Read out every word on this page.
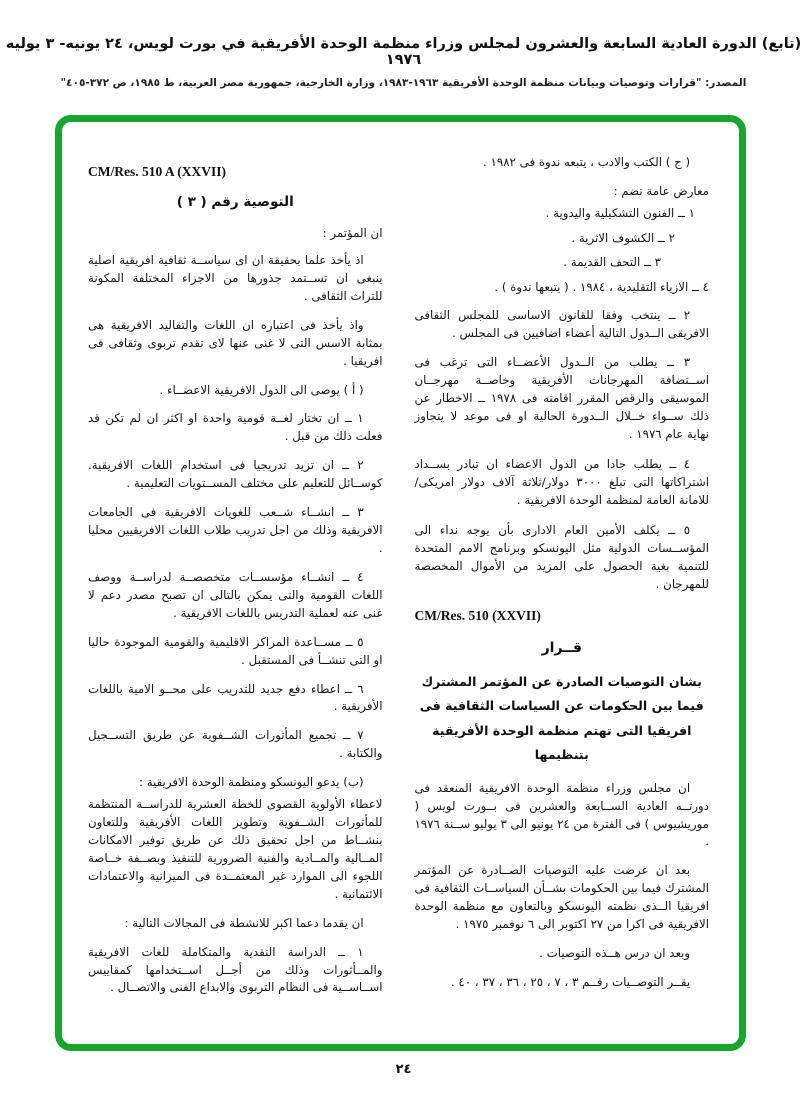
(تابع) الدورة العادية السابعة والعشرون لمجلس وزراء منظمة الوحدة الأفريقية في بورت لويس، ٢٤ يونيه- ٣ يوليه ١٩٧٦
المصدر: "قرارات وتوصيات وبيانات منظمة الوحدة الأفريقية ١٩٦٣-١٩٨٣، وزارة الخارجية، جمهورية مصر العربية، ط ١٩٨٥، ص ٣٧٢-٤٠٥"

( ج ) الكتب والادب ، يتبعه ندوة فى ١٩٨٢ .

معارض عامة تضم :

١ ــ الفنون التشكيلية واليدوية .

٢ ــ الكشوف الاثرية .

٣ ــ التحف القديمة .

٤ ــ الازياء التقليدية ، ١٩٨٤ . ( يتبعها ندوة ) .

٢ ــ ينتخب وفقا للقانون الاساسى للمجلس الثقافى الافريقى الــدول التالية أعضاء اضافيين فى المجلس .

٣ ــ يطلب من الــدول الأعضــاء التى ترغب فى اســتضافة المهرجانات الأفريقية وخاصــة مهرجــان الموسيقى والرقص المقرر اقامته فى ١٩٧٨ ــ الاخطار عن ذلك ســواء خــلال الــدورة الحالية او فى موعد لا يتجاوز نهاية عام ١٩٧٦ .

٤ ــ يطلب جادا من الدول الاعضاء ان تبادر بســداد اشتراكاتها التى تبلغ ٣٠٠٠ دولار/ثلاثة آلاف دولار امريكى/للامانة العامة لمنظمة الوحدة الافريقية .

٥ ــ يكلف الأمين العام الادارى بأن يوجه نداء الى المؤســسات الدولية مثل اليونسكو وبرنامج الامم المتحدة للتنمية بغية الحصول على المزيد من الأموال المخصصة للمهرجان .

CM/Res. 510 (XXVII)

قــرار
بشان التوصيات الصادرة عن المؤتمر المشترك
فيما بين الحكومات عن السياسات الثقافية فى
افريقيا التى تهتم منظمة الوحدة الأفريقية بتنظيمها

ان مجلس وزراء منظمة الوحدة الافريقية المنعقد فى دورتــه العادية الســابعة والعشرين فى بــورت لويس ( موريشيوس ) فى الفترة من ٢٤ يونيو الى ٣ يوليو ســنة ١٩٧٦ .

بعد ان عرضت عليه التوصيات الصــادرة عن المؤتمر المشترك فيما بين الحكومات بشــأن السياســات الثقافية فى افريقيا الــذى نظمته اليونسكو وبالتعاون مع منظمة الوحدة الافريقية فى اكرا من ٢٧ اكتوبر الى ٦ نوفمبر ١٩٧٥ .

وبعد ان درس هــذه التوصيات .

يقــر التوصــيات رقــم ٣ ، ٧ ، ٢٥ ، ٣٦ ، ٣٧ ، ٤٠ .

CM/Res. 510 A (XXVII)

التوصية رقم ( ٣ )

ان المؤتمر :

اذ يأخذ علما بحقيقة ان اى سياســة ثقافية افريقية اصلية ينبغى ان تســتمد جذورها من الاجزاء المختلفة المكونة للتراث الثقافى .

واذ يأخذ فى اعتباره ان اللغات والتقاليد الافريقية هى بمثابة الاسس التى لا غنى عنها لاى تقدم تربوى وثقافى فى افريقيا .

( أ ) يوصى الى الدول الافريقية الاعضــاء .

١ ــ ان تختار لغــة قومية واحدة او اكثر ان لم تكن قد فعلت ذلك من قبل .

٢ ــ ان تزيد تدريجيا فى استخدام اللغات الافريقية. كوســائل للتعليم على مختلف المســتويات التعليمية .

٣ ــ انشــاء شــعب للغويات الافريقية فى الجامعات الافريقية وذلك من اجل تدريب طلاب اللغات الافريقيين محليا .

٤ ــ انشــاء مؤسســات متخصصــة لدراســة ووصف اللغات القومية والتى يمكن بالتالى ان تصبح مصدر دعم لا غنى عنه لعملية التدريس باللغات الافريقية .

٥ ــ مســاعدة المراكز الاقليمية والقومية الموجودة حاليا او التى تنشــأ فى المستقبل .

٦ ــ اعطاء دفع جديد للتدريب على محــو الامية باللغات الأفريقية .

٧ ــ تجميع المأثورات الشــفوية عن طريق التســجيل والكتابة .

(ب) يدعو اليونسكو ومنظمة الوحدة الافريقية :

لاعطاء الأولوية القصوى للخطة العشرية للدراســة المنتظمة للمأثورات الشــفوية وتطوير اللغات الأفريقية وللتعاون بنشــاط من اجل تحقيق ذلك عن طريق توفير الامكانات المــالية والمــادية والفنية الضرورية للتنفيذ وبصــفة خــاصة اللجوء الى الموارد غير المعتمــدة فى الميزانية والاعتمادات الائتمانية .

ان يقدما دعما اكبر للانشطة فى المجالات التالية :

١ ــ الدراسة النقدية والمتكاملة للغات الافريقية والمــأثورات وذلك من أجــل اســتخدامها كمقاييس اســاســية فى النظام التربوى والابداع الفنى والاتصــال .

٢٤
